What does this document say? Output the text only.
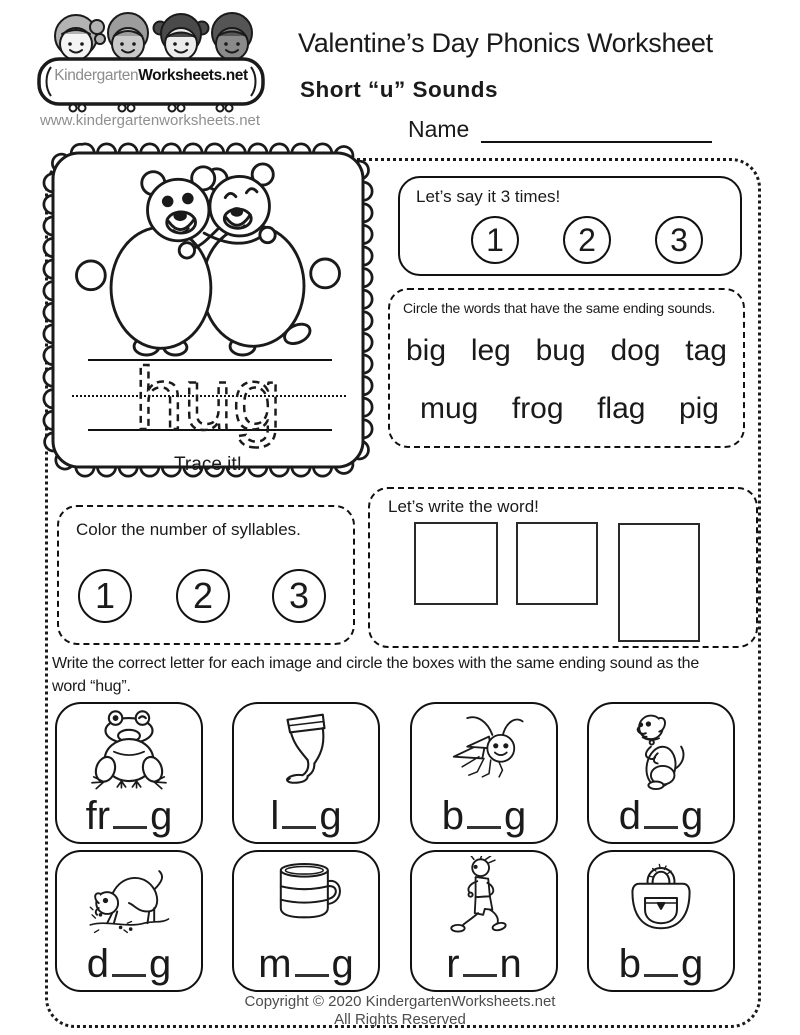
KindergartenWorksheets.net
www.kindergartenworksheets.net
Valentine’s Day Phonics Worksheet
Short “u” Sounds
Name
hug
Trace it!
Let’s say it 3 times!
1	2	3
Circle the words that have the same ending sounds.
big leg bug dog tag
mug frog flag pig
Color the number of syllables.
1	2	3
Let’s write the word!
Write the correct letter for each image and circle the boxes with the same ending sound as the
word “hug”.
fr g	l g	b g	d g
d g	m g	r n	b g
Copyright © 2020 KindergartenWorksheets.net
All Rights Reserved
